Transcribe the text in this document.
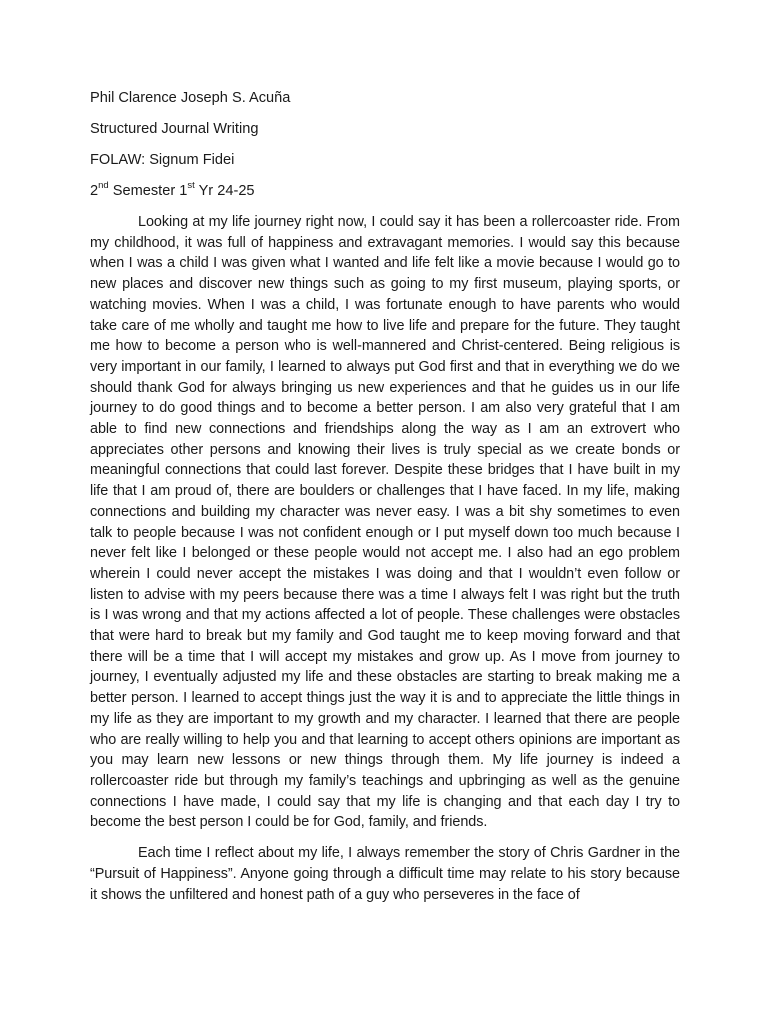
Phil Clarence Joseph S. Acuña
Structured Journal Writing
FOLAW: Signum Fidei
2nd Semester 1st Yr 24-25

Looking at my life journey right now, I could say it has been a rollercoaster ride. From my childhood, it was full of happiness and extravagant memories. I would say this because when I was a child I was given what I wanted and life felt like a movie because I would go to new places and discover new things such as going to my first museum, playing sports, or watching movies. When I was a child, I was fortunate enough to have parents who would take care of me wholly and taught me how to live life and prepare for the future. They taught me how to become a person who is well-mannered and Christ-centered. Being religious is very important in our family, I learned to always put God first and that in everything we do we should thank God for always bringing us new experiences and that he guides us in our life journey to do good things and to become a better person. I am also very grateful that I am able to find new connections and friendships along the way as I am an extrovert who appreciates other persons and knowing their lives is truly special as we create bonds or meaningful connections that could last forever. Despite these bridges that I have built in my life that I am proud of, there are boulders or challenges that I have faced. In my life, making connections and building my character was never easy. I was a bit shy sometimes to even talk to people because I was not confident enough or I put myself down too much because I never felt like I belonged or these people would not accept me. I also had an ego problem wherein I could never accept the mistakes I was doing and that I wouldn’t even follow or listen to advise with my peers because there was a time I always felt I was right but the truth is I was wrong and that my actions affected a lot of people. These challenges were obstacles that were hard to break but my family and God taught me to keep moving forward and that there will be a time that I will accept my mistakes and grow up. As I move from journey to journey, I eventually adjusted my life and these obstacles are starting to break making me a better person. I learned to accept things just the way it is and to appreciate the little things in my life as they are important to my growth and my character. I learned that there are people who are really willing to help you and that learning to accept others opinions are important as you may learn new lessons or new things through them. My life journey is indeed a rollercoaster ride but through my family’s teachings and upbringing as well as the genuine connections I have made, I could say that my life is changing and that each day I try to become the best person I could be for God, family, and friends.

Each time I reflect about my life, I always remember the story of Chris Gardner in the “Pursuit of Happiness”. Anyone going through a difficult time may relate to his story because it shows the unfiltered and honest path of a guy who perseveres in the face of
